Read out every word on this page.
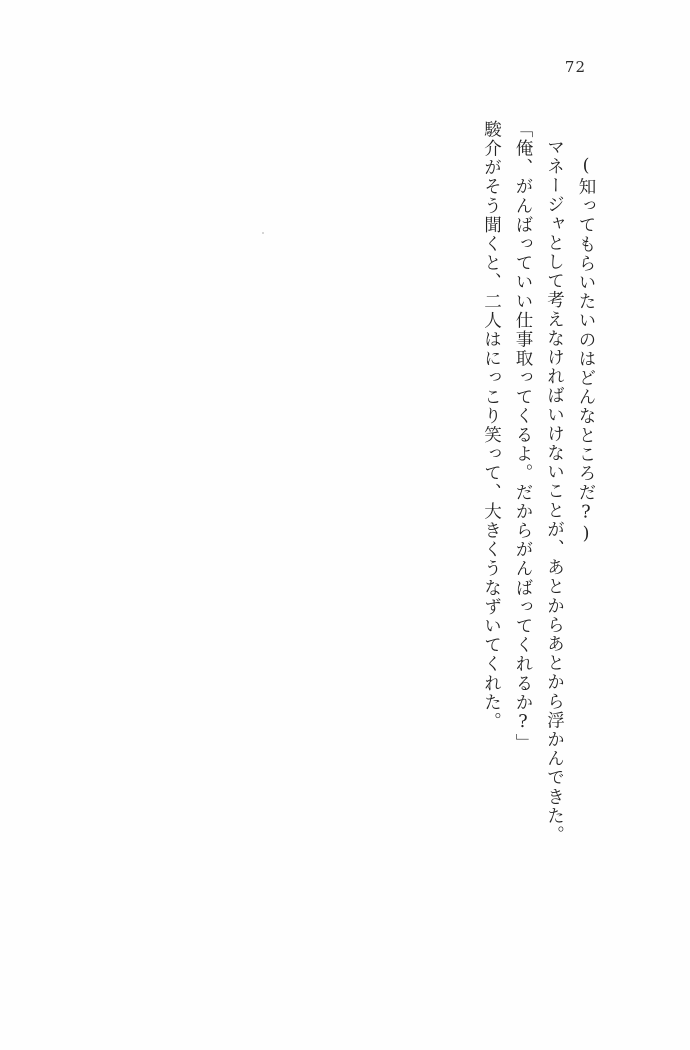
72
駿介がそう聞くと、二人はにっこり笑って、大きくうなずいてくれた。 「俺、がんばっていい仕事取ってくるよ。だからがんばってくれるか?」 マネージャとして考えなければいけないことが、あとからあとから浮かんできた。 (知ってもらいたいのはどんなところだ?)
